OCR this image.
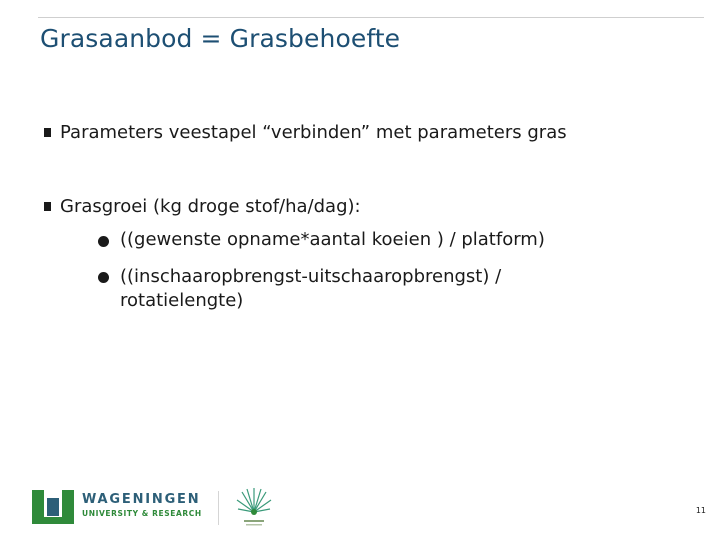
Grasaanbod = Grasbehoefte
Parameters veestapel “verbinden” met parameters gras
Grasgroei (kg droge stof/ha/dag):
((gewenste opname*aantal koeien ) / platform)
((inschaaropbrengst-uitschaaropbrengst) / rotatielengte)
WAGENINGEN
UNIVERSITY & RESEARCH	11
